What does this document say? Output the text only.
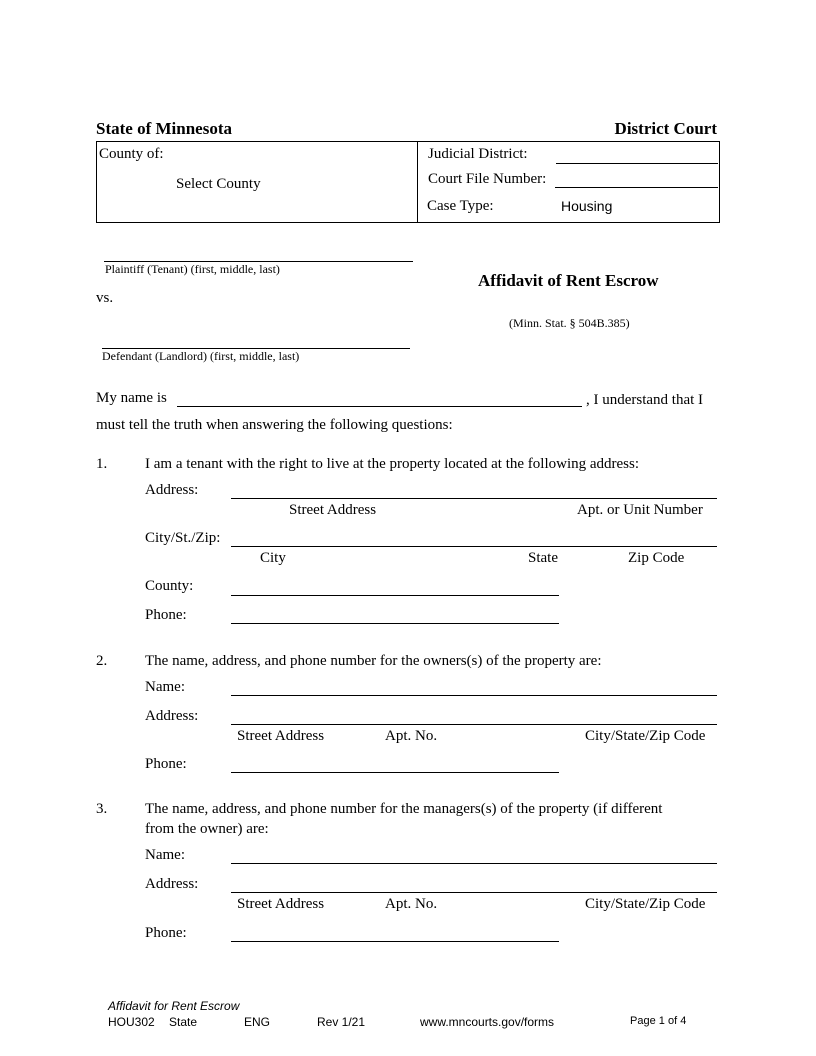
State of Minnesota	District Court
County of:
Select County
Judicial District:
Court File Number:
Case Type:	Housing
Plaintiff (Tenant) (first, middle, last)
vs.
Defendant (Landlord) (first, middle, last)
Affidavit of Rent Escrow
(Minn. Stat. § 504B.385)
My name is	, I understand that I
must tell the truth when answering the following questions:
1.	I am a tenant with the right to live at the property located at the following address:
Address:
Street Address	Apt. or Unit Number
City/St./Zip:
City	State	Zip Code
County:
Phone:
2.	The name, address, and phone number for the owners(s) of the property are:
Name:
Address:
Street Address	Apt. No.	City/State/Zip Code
Phone:
3.	The name, address, and phone number for the managers(s) of the property (if different
from the owner) are:
Name:
Address:
Street Address	Apt. No.	City/State/Zip Code
Phone:
Affidavit for Rent Escrow
HOU302 State	ENG	Rev 1/21	www.mncourts.gov/forms	Page 1 of 4
